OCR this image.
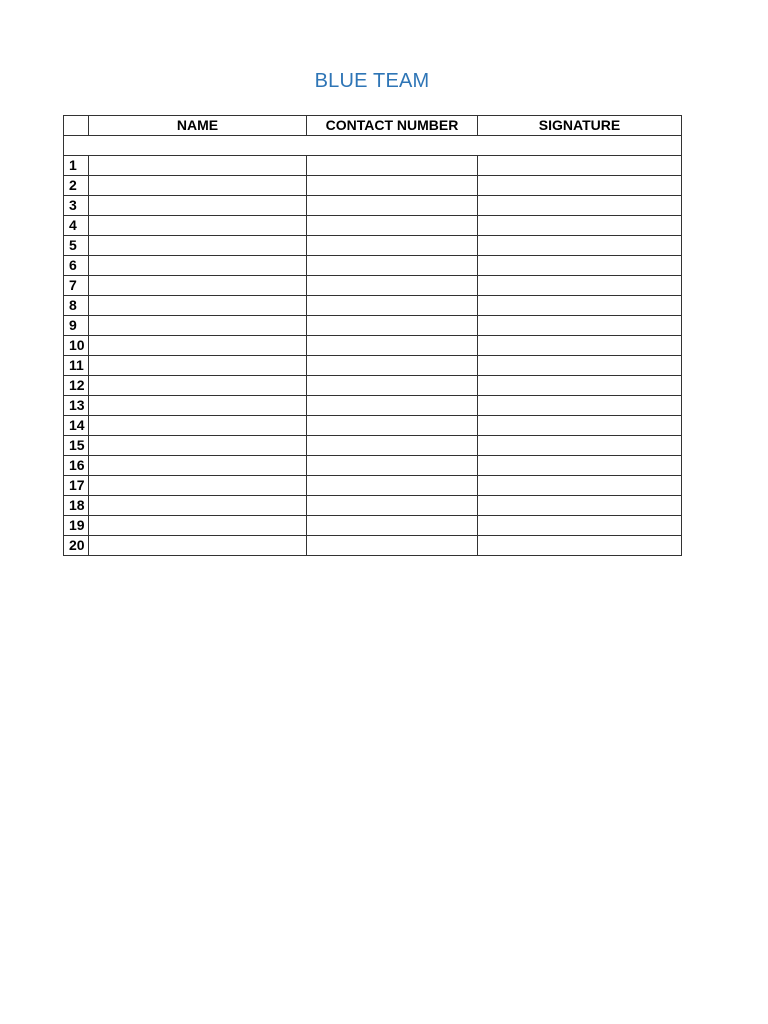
BLUE TEAM
	NAME	CONTACT NUMBER	SIGNATURE

1			
2			
3			
4			
5			
6			
7			
8			
9			
10			
11			
12			
13			
14			
15			
16			
17			
18			
19			
20			
